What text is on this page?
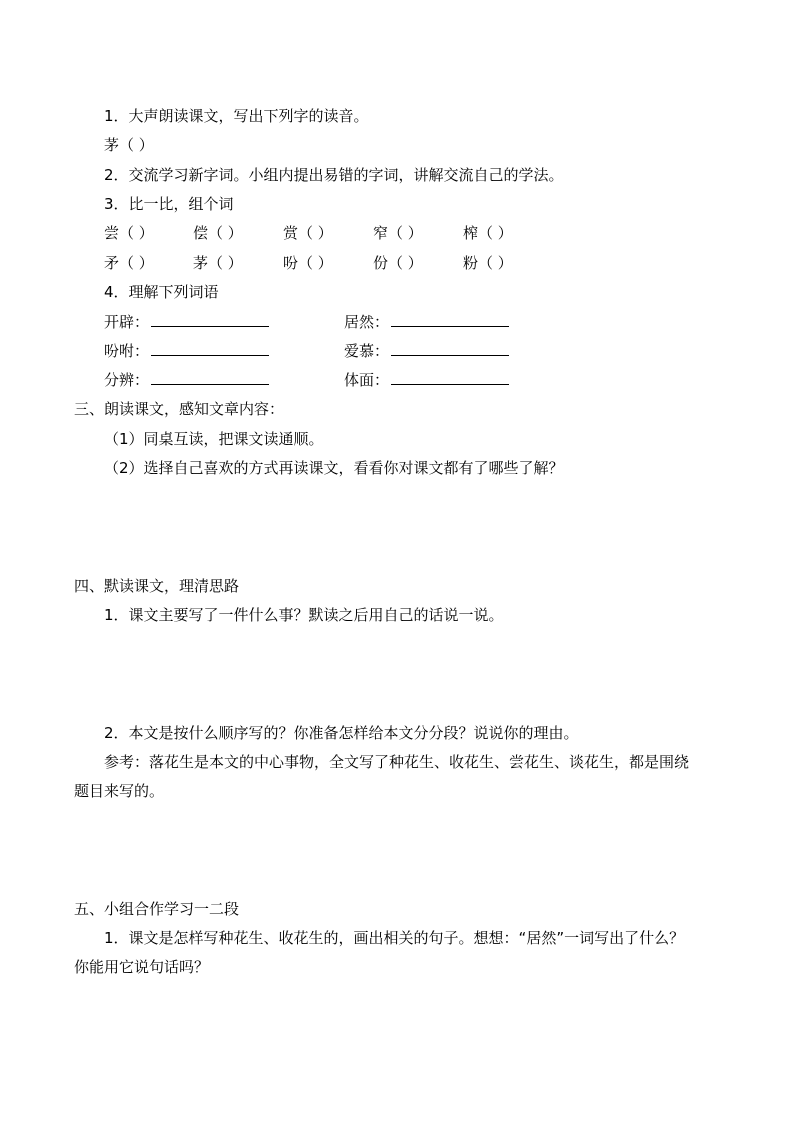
1．大声朗读课文，写出下列字的读音。
茅（ ）
2．交流学习新字词。小组内提出易错的字词，讲解交流自己的学法。
3．比一比，组个词
尝（ ）	偿（ ）	赏（ ）	窄（ ）	榨（ ）
矛（ ）	茅（ ）	吩（ ）	份（ ）	粉（ ）
4．理解下列词语
开辟：	居然：
吩咐：	爱慕：
分辨：	体面：
三、朗读课文，感知文章内容：
（1）同桌互读，把课文读通顺。
（2）选择自己喜欢的方式再读课文，看看你对课文都有了哪些了解？
四、默读课文，理清思路
1．课文主要写了一件什么事？默读之后用自己的话说一说。
2．本文是按什么顺序写的？你准备怎样给本文分分段？说说你的理由。
参考：落花生是本文的中心事物，全文写了种花生、收花生、尝花生、谈花生，都是围绕
题目来写的。
五、小组合作学习一二段
1．课文是怎样写种花生、收花生的，画出相关的句子。想想：“居然”一词写出了什么？
你能用它说句话吗？
